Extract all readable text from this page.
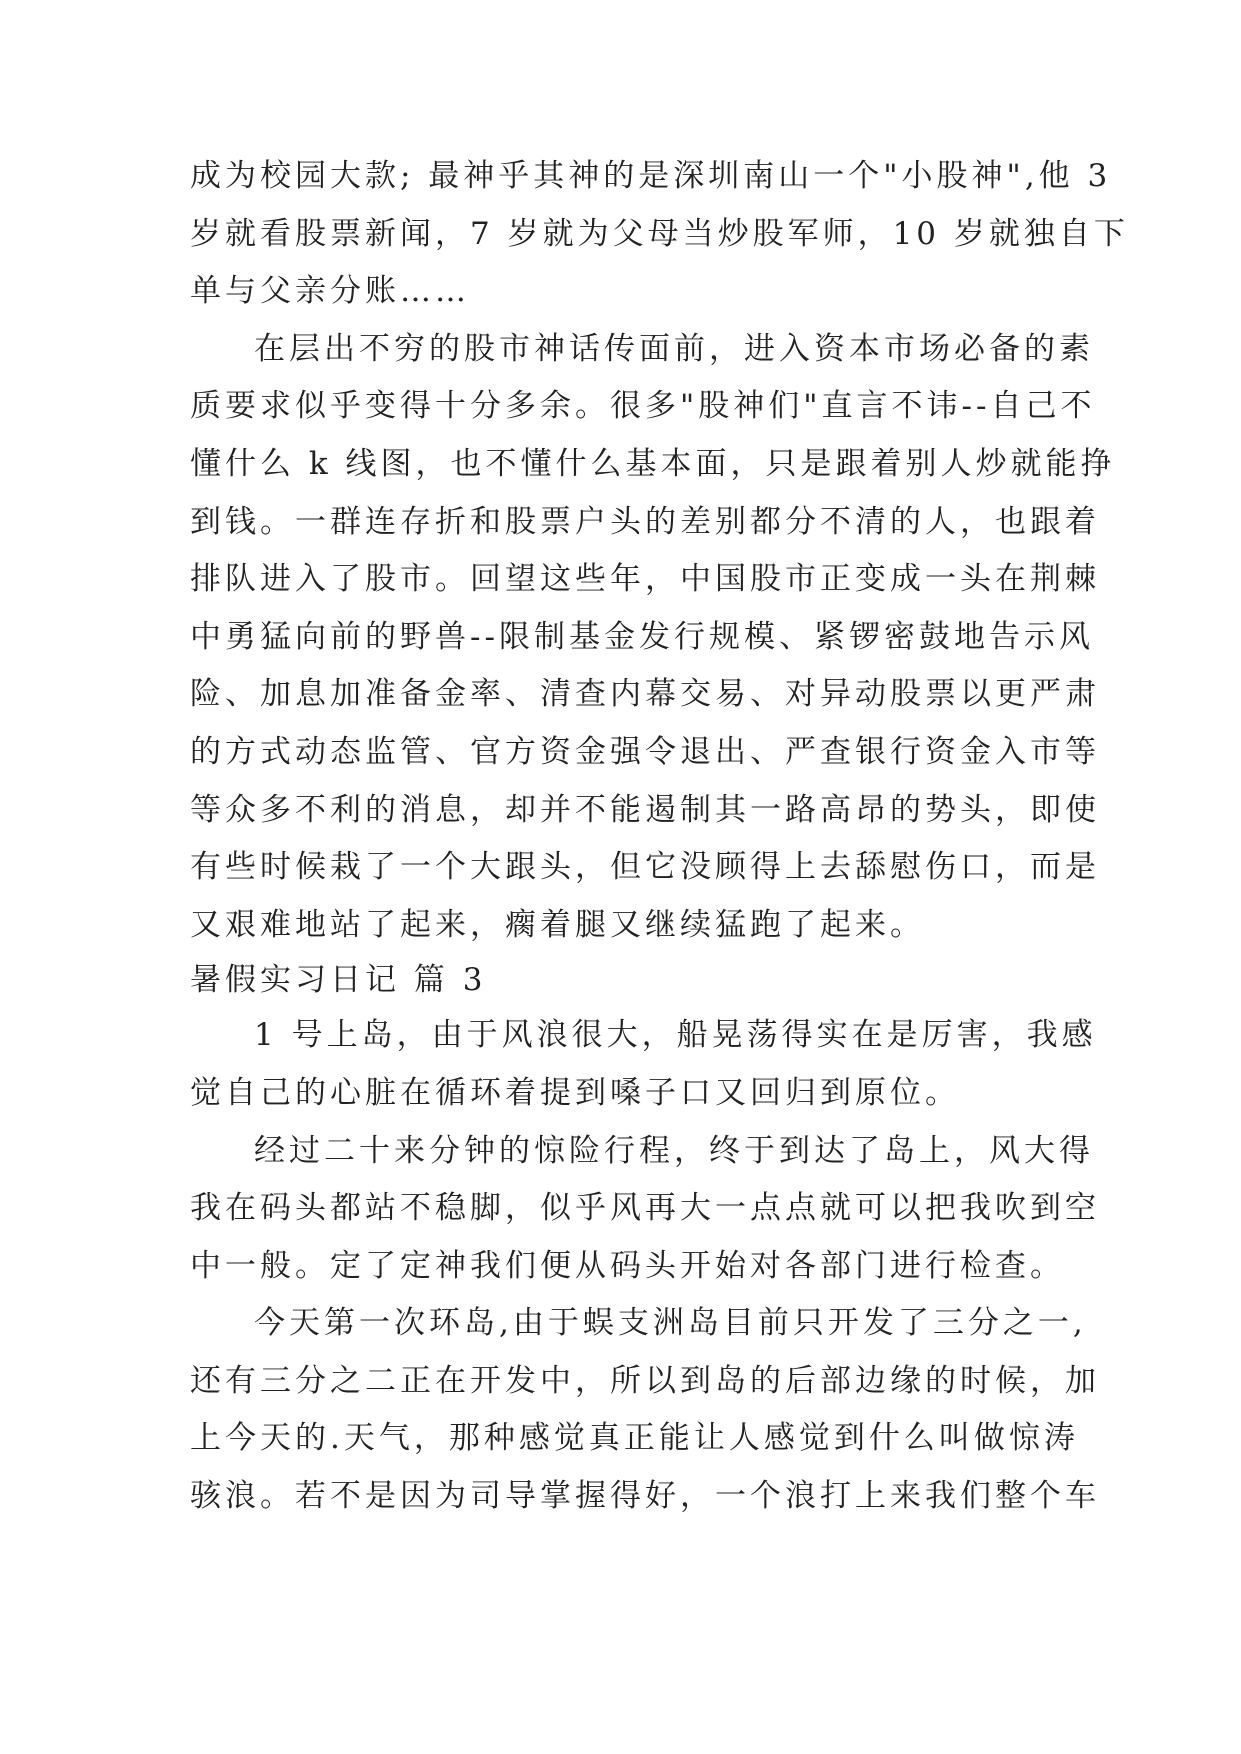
成为校园大款; 最神乎其神的是深圳南山一个"小股神",他 3
岁就看股票新闻，7 岁就为父母当炒股军师，10 岁就独自下
单与父亲分账……
在层出不穷的股市神话传面前，进入资本市场必备的素
质要求似乎变得十分多余。很多"股神们"直言不讳--自己不
懂什么 k 线图，也不懂什么基本面，只是跟着别人炒就能挣
到钱。一群连存折和股票户头的差别都分不清的人，也跟着
排队进入了股市。回望这些年，中国股市正变成一头在荆棘
中勇猛向前的野兽--限制基金发行规模、紧锣密鼓地告示风
险、加息加准备金率、清查内幕交易、对异动股票以更严肃
的方式动态监管、官方资金强令退出、严查银行资金入市等
等众多不利的消息，却并不能遏制其一路高昂的势头，即使
有些时候栽了一个大跟头，但它没顾得上去舔慰伤口，而是
又艰难地站了起来，瘸着腿又继续猛跑了起来。
暑假实习日记 篇 3
1 号上岛，由于风浪很大，船晃荡得实在是厉害，我感
觉自己的心脏在循环着提到嗓子口又回归到原位。
经过二十来分钟的惊险行程，终于到达了岛上，风大得
我在码头都站不稳脚，似乎风再大一点点就可以把我吹到空
中一般。定了定神我们便从码头开始对各部门进行检查。
今天第一次环岛,由于蜈支洲岛目前只开发了三分之一,
还有三分之二正在开发中，所以到岛的后部边缘的时候，加
上今天的.天气，那种感觉真正能让人感觉到什么叫做惊涛
骇浪。若不是因为司导掌握得好，一个浪打上来我们整个车
